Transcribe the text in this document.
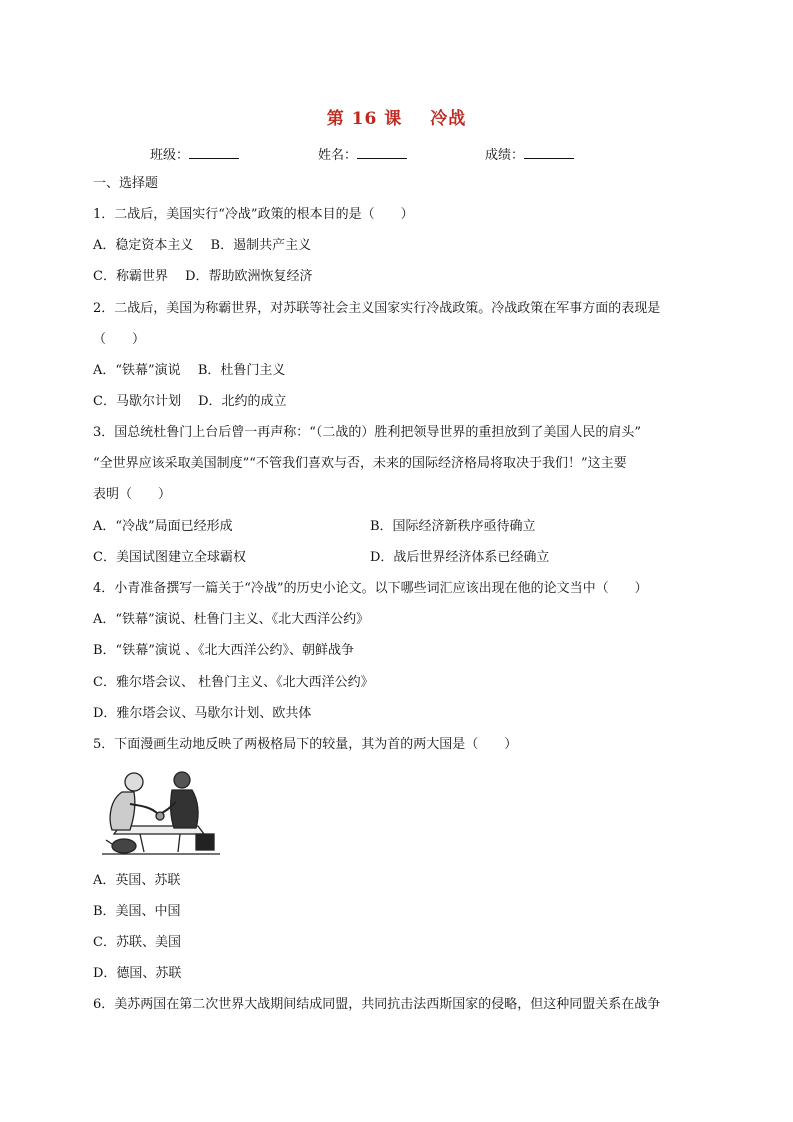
第 16 课 冷战
班级：	姓名：	成绩：
一、选择题
1．二战后，美国实行“冷战”政策的根本目的是（　　）
A．稳定资本主义　 B．遏制共产主义
C．称霸世界　 D．帮助欧洲恢复经济
2．二战后，美国为称霸世界，对苏联等社会主义国家实行冷战政策。冷战政策在军事方面的表现是
（　　）
A．“铁幕”演说　 B．杜鲁门主义
C．马歇尔计划　 D．北约的成立
3．国总统杜鲁门上台后曾一再声称：“（二战的）胜利把领导世界的重担放到了美国人民的肩头”
“全世界应该采取美国制度”“不管我们喜欢与否，未来的国际经济格局将取决于我们！”这主要
表明（　　）
A．“冷战”局面已经形成	B．国际经济新秩序亟待确立
C．美国试图建立全球霸权	D．战后世界经济体系已经确立
4．小青准备撰写一篇关于“冷战”的历史小论文。以下哪些词汇应该出现在他的论文当中（　　）
A．“铁幕”演说、杜鲁门主义、《北大西洋公约》
B．“铁幕”演说 、《北大西洋公约》、朝鲜战争
C．雅尔塔会议、 杜鲁门主义、《北大西洋公约》
D．雅尔塔会议、马歇尔计划、欧共体
5．下面漫画生动地反映了两极格局下的较量，其为首的两大国是（　　）
A．英国、苏联
B．美国、中国
C．苏联、美国
D．德国、苏联
6．美苏两国在第二次世界大战期间结成同盟，共同抗击法西斯国家的侵略，但这种同盟关系在战争
